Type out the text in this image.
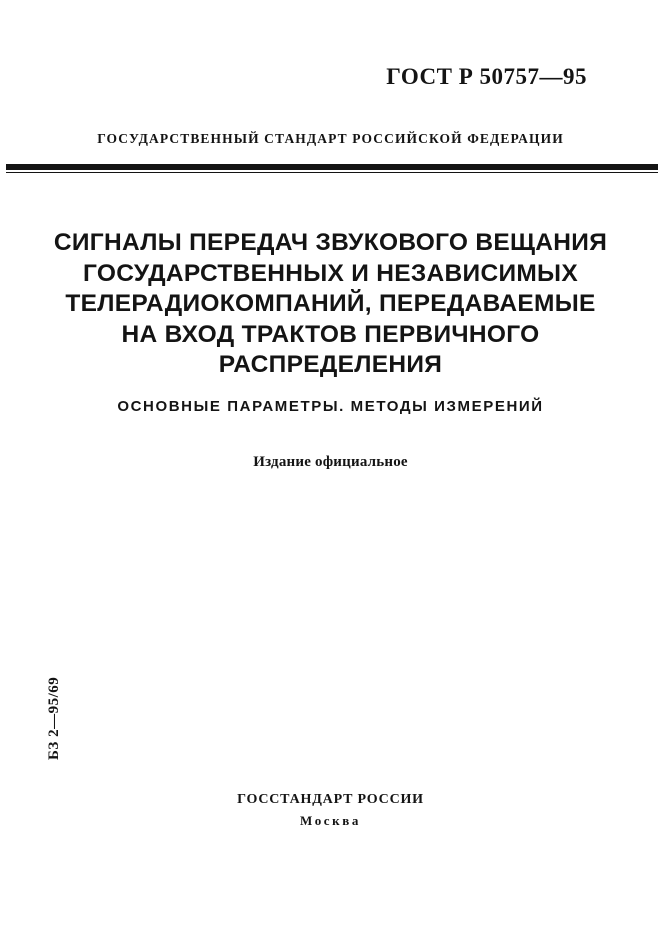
ГОСТ Р 50757—95
ГОСУДАРСТВЕННЫЙ СТАНДАРТ РОССИЙСКОЙ ФЕДЕРАЦИИ
СИГНАЛЫ ПЕРЕДАЧ ЗВУКОВОГО ВЕЩАНИЯ
ГОСУДАРСТВЕННЫХ И НЕЗАВИСИМЫХ
ТЕЛЕРАДИОКОМПАНИЙ, ПЕРЕДАВАЕМЫЕ
НА ВХОД ТРАКТОВ ПЕРВИЧНОГО
РАСПРЕДЕЛЕНИЯ
ОСНОВНЫЕ ПАРАМЕТРЫ. МЕТОДЫ ИЗМЕРЕНИЙ
Издание официальное
БЗ 2—95/69
ГОССТАНДАРТ РОССИИ
Москва
